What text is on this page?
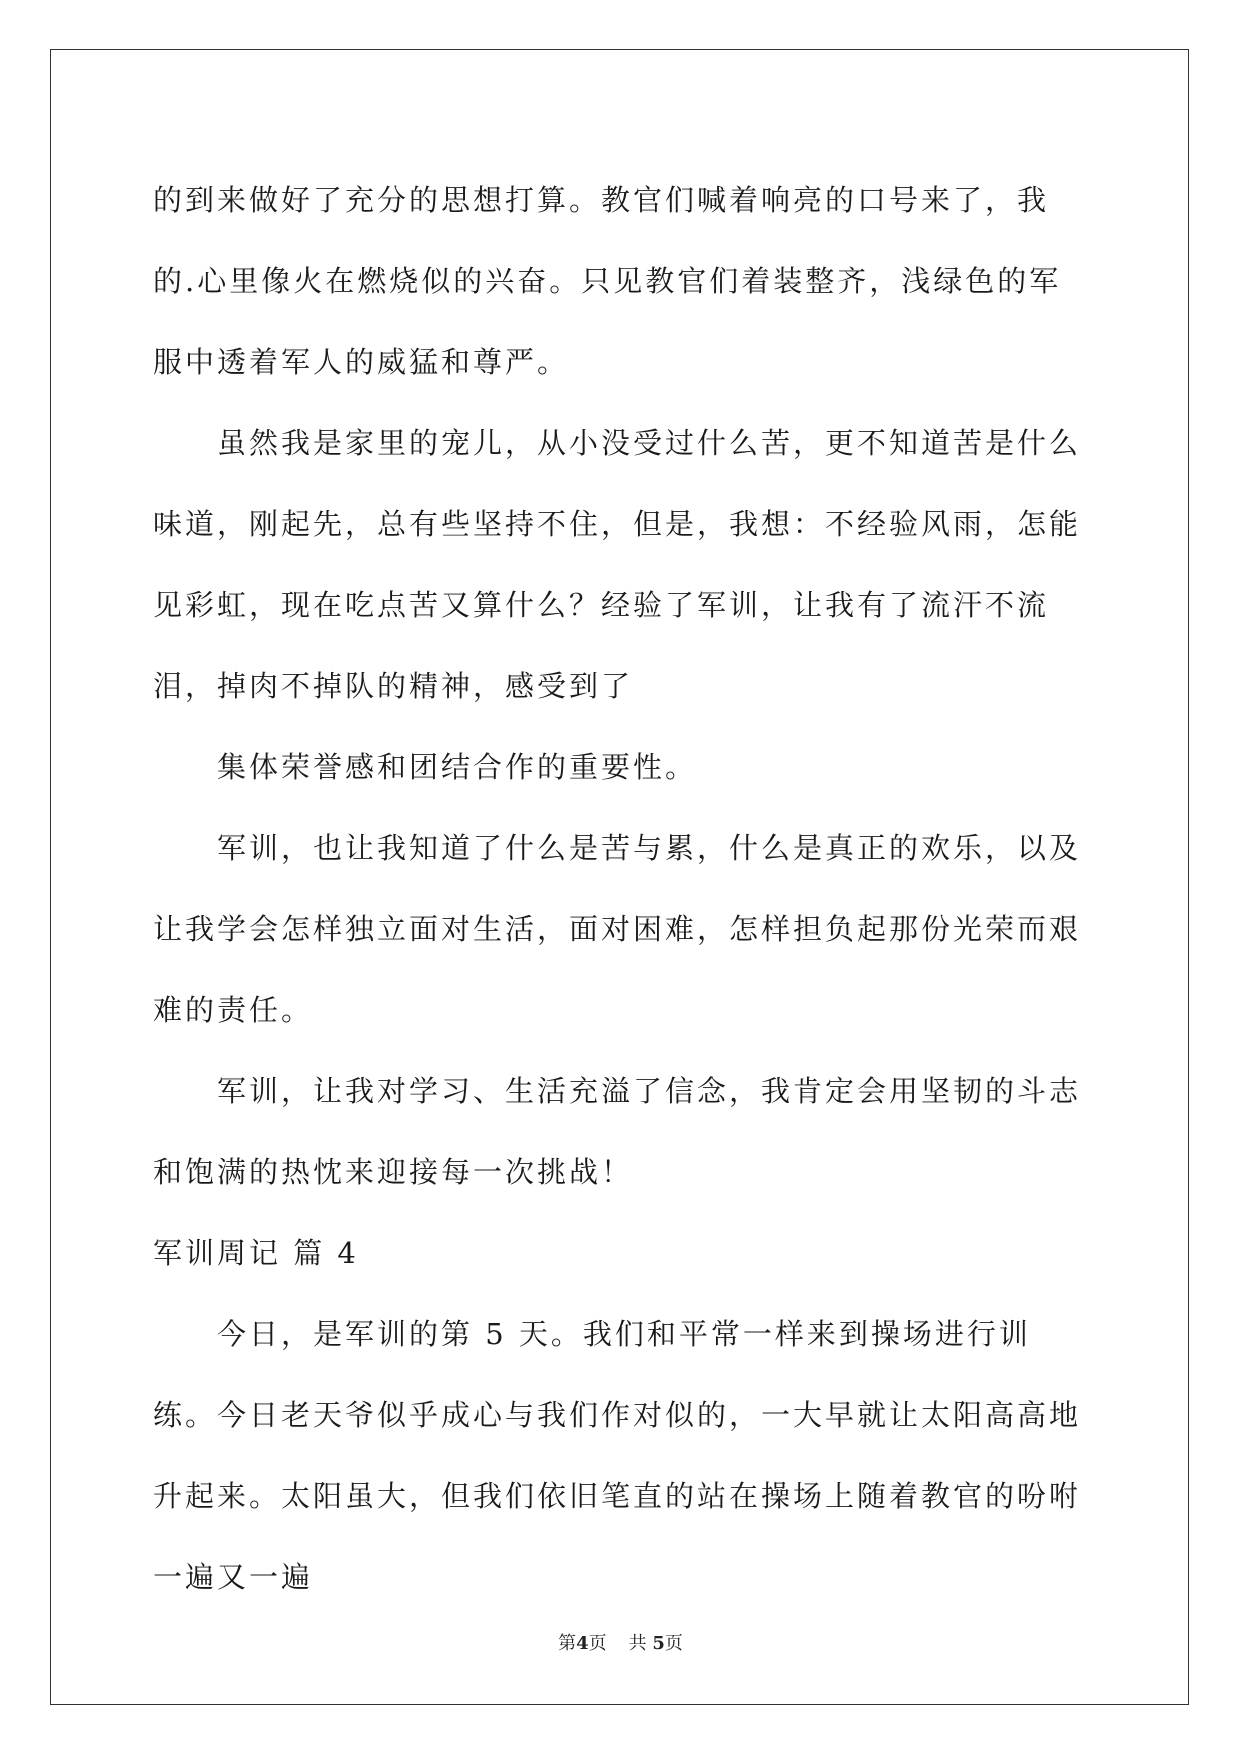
的到来做好了充分的思想打算。教官们喊着响亮的口号来了，我的.心里像火在燃烧似的兴奋。只见教官们着装整齐，浅绿色的军服中透着军人的威猛和尊严。

虽然我是家里的宠儿，从小没受过什么苦，更不知道苦是什么味道，刚起先，总有些坚持不住，但是，我想：不经验风雨，怎能见彩虹，现在吃点苦又算什么？经验了军训，让我有了流汗不流泪，掉肉不掉队的精神，感受到了

集体荣誉感和团结合作的重要性。

军训，也让我知道了什么是苦与累，什么是真正的欢乐，以及让我学会怎样独立面对生活，面对困难，怎样担负起那份光荣而艰难的责任。

军训，让我对学习、生活充溢了信念，我肯定会用坚韧的斗志和饱满的热忱来迎接每一次挑战！

军训周记 篇 4

今日，是军训的第 5 天。我们和平常一样来到操场进行训练。今日老天爷似乎成心与我们作对似的，一大早就让太阳高高地升起来。太阳虽大，但我们依旧笔直的站在操场上随着教官的吩咐一遍又一遍

第4页 共 5页
